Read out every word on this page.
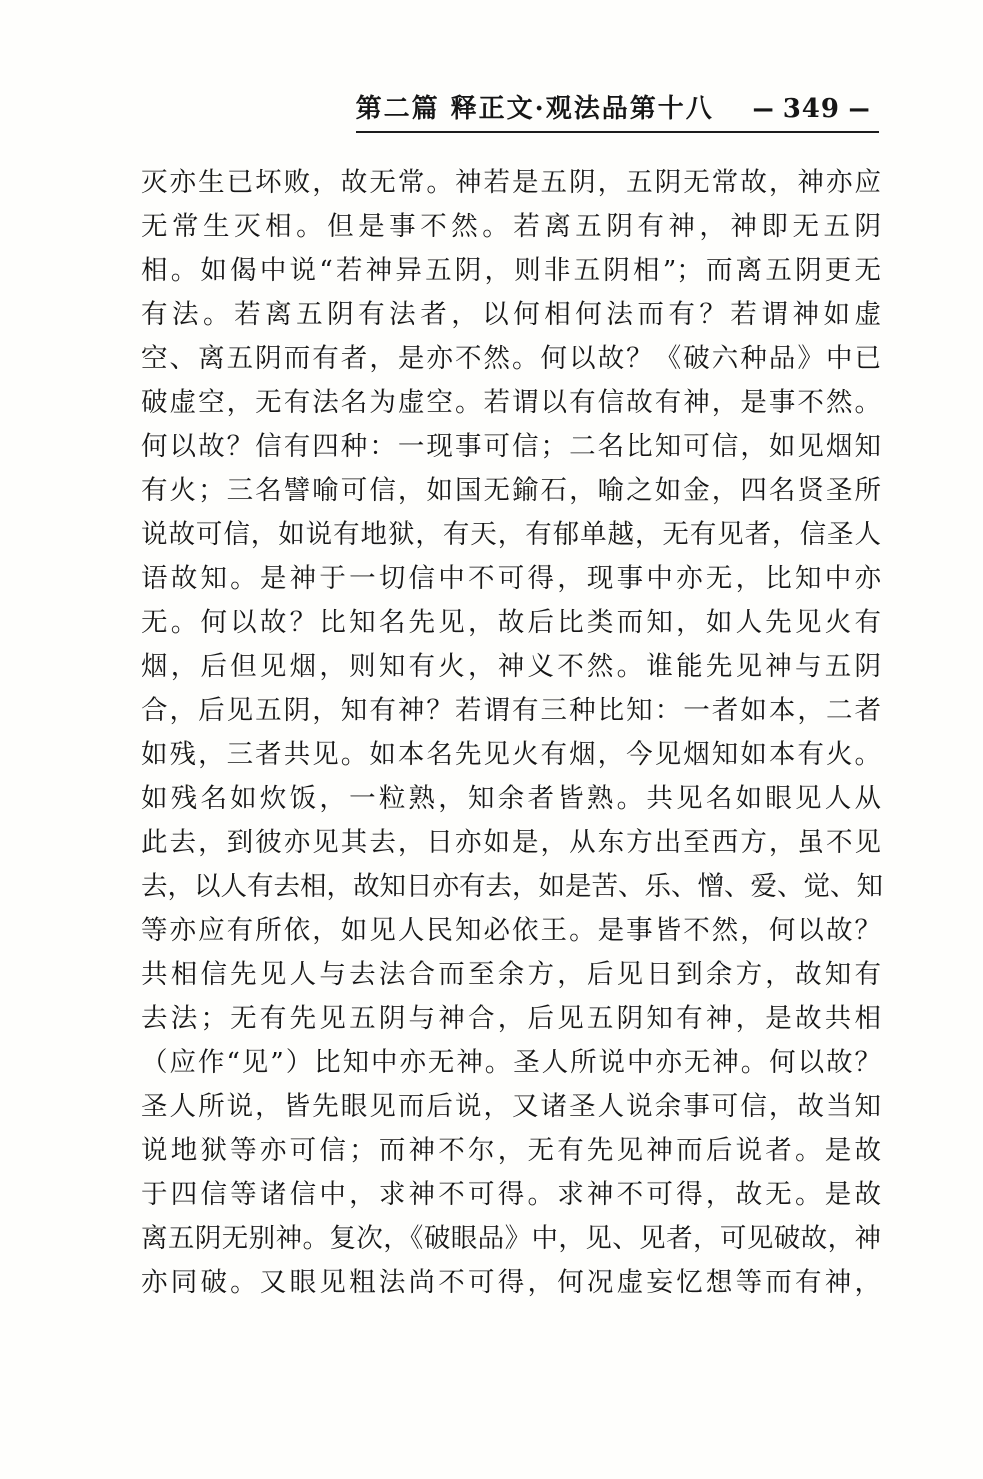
第二篇 释正文·观法品第十八 — 349 —
灭亦生已坏败，故无常。神若是五阴，五阴无常故，神亦应
无常生灭相。但是事不然。若离五阴有神，神即无五阴
相。如偈中说“若神异五阴，则非五阴相”；而离五阴更无
有法。若离五阴有法者，以何相何法而有？若谓神如虚
空、离五阴而有者，是亦不然。何以故？《破六种品》中已
破虚空，无有法名为虚空。若谓以有信故有神，是事不然。
何以故？信有四种：一现事可信；二名比知可信，如见烟知
有火；三名譬喻可信，如国无鍮石，喻之如金，四名贤圣所
说故可信，如说有地狱，有天，有郁单越，无有见者，信圣人
语故知。是神于一切信中不可得，现事中亦无，比知中亦
无。何以故？比知名先见，故后比类而知，如人先见火有
烟，后但见烟，则知有火，神义不然。谁能先见神与五阴
合，后见五阴，知有神？若谓有三种比知：一者如本，二者
如残，三者共见。如本名先见火有烟，今见烟知如本有火。
如残名如炊饭，一粒熟，知余者皆熟。共见名如眼见人从
此去，到彼亦见其去，日亦如是，从东方出至西方，虽不见
去，以人有去相，故知日亦有去，如是苦、乐、憎、爱、觉、知
等亦应有所依，如见人民知必依王。是事皆不然，何以故？
共相信先见人与去法合而至余方，后见日到余方，故知有
去法；无有先见五阴与神合，后见五阴知有神，是故共相
（应作“见”）比知中亦无神。圣人所说中亦无神。何以故？
圣人所说，皆先眼见而后说，又诸圣人说余事可信，故当知
说地狱等亦可信；而神不尔，无有先见神而后说者。是故
于四信等诸信中，求神不可得。求神不可得，故无。是故
离五阴无别神。复次，《破眼品》中，见、见者，可见破故，神
亦同破。又眼见粗法尚不可得，何况虚妄忆想等而有神，
